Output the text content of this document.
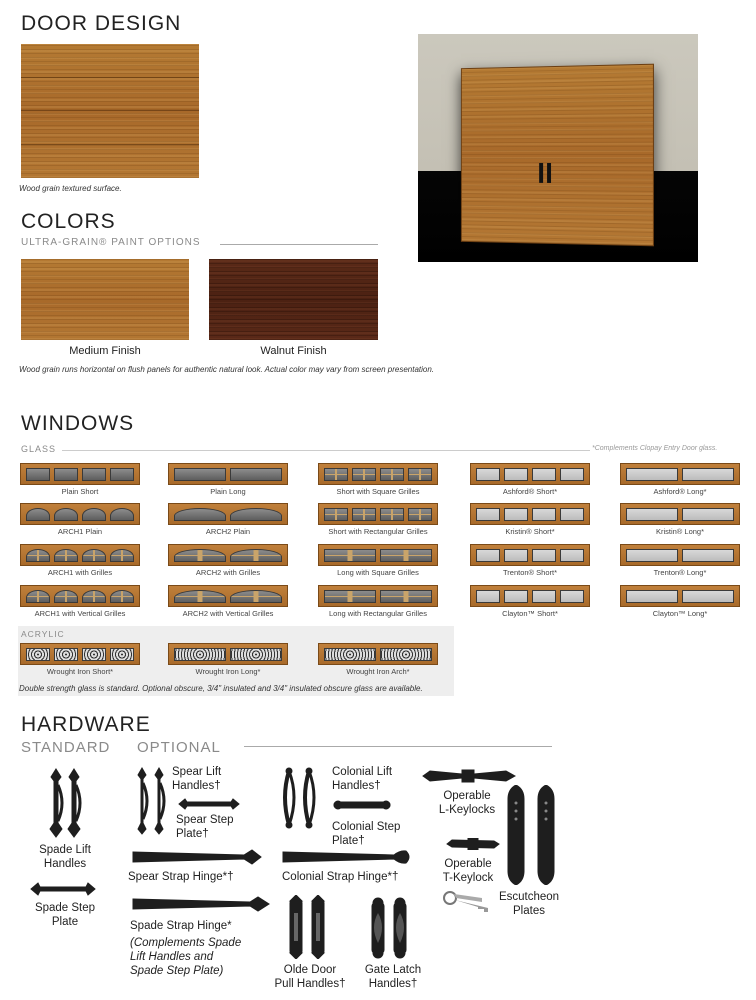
DOOR DESIGN
Wood grain textured surface.
COLORS
ULTRA-GRAIN® PAINT OPTIONS
Medium Finish	Walnut Finish
Wood grain runs horizontal on flush panels for authentic natural look. Actual color may vary from screen presentation.
WINDOWS
GLASS	*Complements Clopay Entry Door glass.
Plain Short
ARCH1 Plain
ARCH1 with Grilles
ARCH1 with Vertical Grilles
Plain Long
ARCH2 Plain
ARCH2 with Grilles
ARCH2 with Vertical Grilles
Short with Square Grilles
Short with Rectangular Grilles
Long with Square Grilles
Long with Rectangular Grilles
Ashford® Short*
Kristin® Short*
Trenton® Short*
Clayton™ Short*
Ashford® Long*
Kristin® Long*
Trenton® Long*
Clayton™ Long*
ACRYLIC
Wrought Iron Short*	Wrought Iron Long*	Wrought Iron Arch*
Double strength glass is standard. Optional obscure, 3/4" insulated and 3/4" insulated obscure glass are available.
HARDWARE
STANDARD OPTIONAL
Spade Lift
Handles
Spade Step
Plate
Spear Lift
Handles†
Spear Step
Plate†
Spear Strap Hinge*†
Spade Strap Hinge*
(Complements Spade
Lift Handles and
Spade Step Plate)
Colonial Lift
Handles†
Colonial Step
Plate†
Colonial Strap Hinge*†
Olde Door
Pull Handles†
Gate Latch
Handles†
Operable
L-Keylocks
Operable
T-Keylock
Escutcheon
Plates
